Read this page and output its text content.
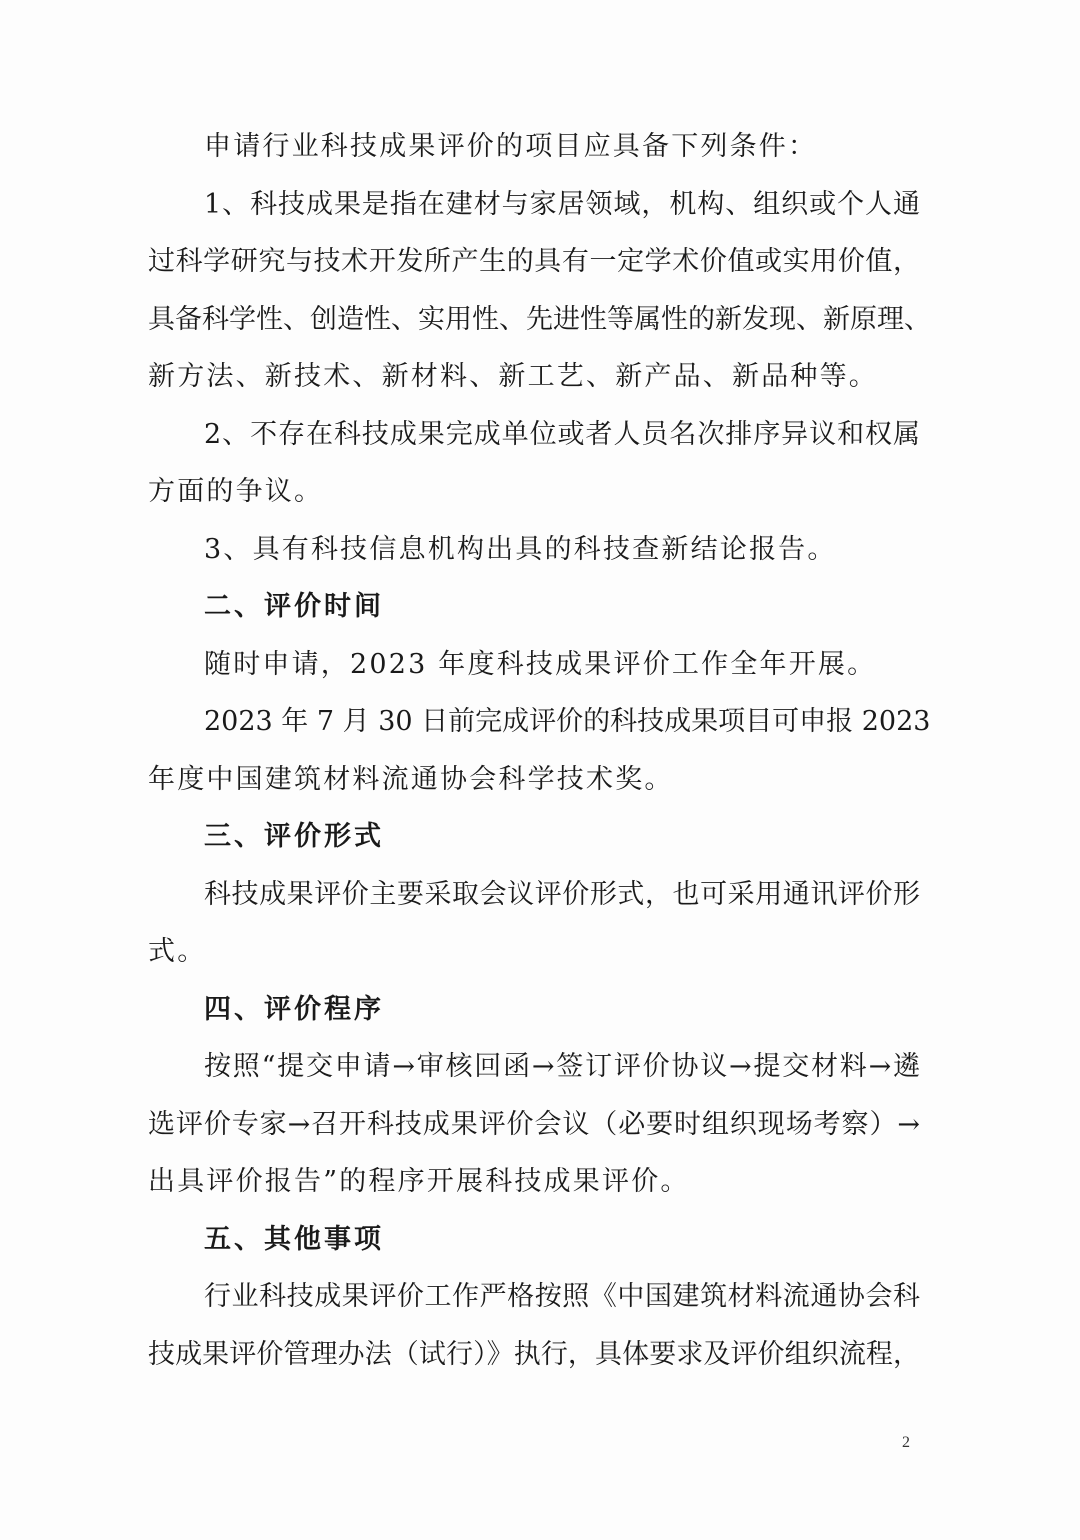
申请行业科技成果评价的项目应具备下列条件：
1、科技成果是指在建材与家居领域，机构、组织或个人通
过科学研究与技术开发所产生的具有一定学术价值或实用价值，
具备科学性、创造性、实用性、先进性等属性的新发现、新原理、
新方法、新技术、新材料、新工艺、新产品、新品种等。
2、不存在科技成果完成单位或者人员名次排序异议和权属
方面的争议。
3、具有科技信息机构出具的科技查新结论报告。
二、评价时间
随时申请，2023 年度科技成果评价工作全年开展。
2023 年 7 月 30 日前完成评价的科技成果项目可申报 2023
年度中国建筑材料流通协会科学技术奖。
三、评价形式
科技成果评价主要采取会议评价形式，也可采用通讯评价形
式。
四、评价程序
按照“提交申请→审核回函→签订评价协议→提交材料→遴
选评价专家→召开科技成果评价会议（必要时组织现场考察）→
出具评价报告”的程序开展科技成果评价。
五、其他事项
行业科技成果评价工作严格按照《中国建筑材料流通协会科
技成果评价管理办法（试行）》执行，具体要求及评价组织流程，
2
